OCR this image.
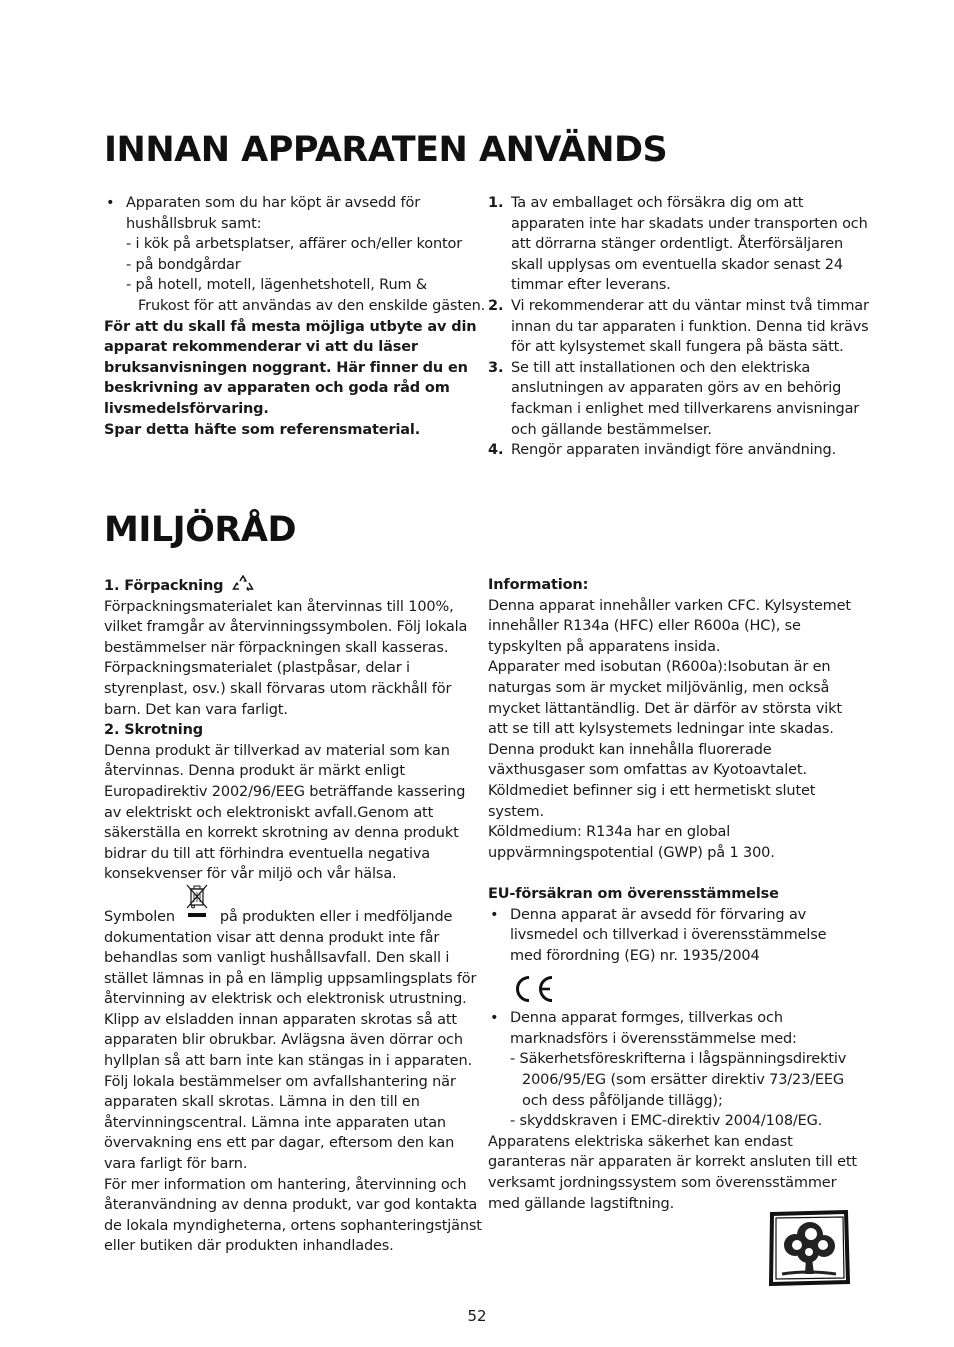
INNAN APPARATEN ANVÄNDS
• Apparaten som du har köpt är avsedd för
hushållsbruk samt:
- i kök på arbetsplatser, affärer och/eller kontor
- på bondgårdar
- på hotell, motell, lägenhetshotell, Rum &
Frukost för att användas av den enskilde gästen.
För att du skall få mesta möjliga utbyte av din
apparat rekommenderar vi att du läser
bruksanvisningen noggrant. Här finner du en
beskrivning av apparaten och goda råd om
livsmedelsförvaring.
Spar detta häfte som referensmaterial.
1. Ta av emballaget och försäkra dig om att
apparaten inte har skadats under transporten och
att dörrarna stänger ordentligt. Återförsäljaren
skall upplysas om eventuella skador senast 24
timmar efter leverans.
2. Vi rekommenderar att du väntar minst två timmar
innan du tar apparaten i funktion. Denna tid krävs
för att kylsystemet skall fungera på bästa sätt.
3. Se till att installationen och den elektriska
anslutningen av apparaten görs av en behörig
fackman i enlighet med tillverkarens anvisningar
och gällande bestämmelser.
4. Rengör apparaten invändigt före användning.
MILJÖRÅD
1. Förpackning
Förpackningsmaterialet kan återvinnas till 100%,
vilket framgår av återvinningssymbolen. Följ lokala
bestämmelser när förpackningen skall kasseras.
Förpackningsmaterialet (plastpåsar, delar i
styrenplast, osv.) skall förvaras utom räckhåll för
barn. Det kan vara farligt.
2. Skrotning
Denna produkt är tillverkad av material som kan
återvinnas. Denna produkt är märkt enligt
Europadirektiv 2002/96/EEG beträffande kassering
av elektriskt och elektroniskt avfall.Genom att
säkerställa en korrekt skrotning av denna produkt
bidrar du till att förhindra eventuella negativa
konsekvenser för vår miljö och vår hälsa.
Symbolen	på produkten eller i medföljande
dokumentation visar att denna produkt inte får
behandlas som vanligt hushållsavfall. Den skall i
stället lämnas in på en lämplig uppsamlingsplats för
återvinning av elektrisk och elektronisk utrustning.
Klipp av elsladden innan apparaten skrotas så att
apparaten blir obrukbar. Avlägsna även dörrar och
hyllplan så att barn inte kan stängas in i apparaten.
Följ lokala bestämmelser om avfallshantering när
apparaten skall skrotas. Lämna in den till en
återvinningscentral. Lämna inte apparaten utan
övervakning ens ett par dagar, eftersom den kan
vara farligt för barn.
För mer information om hantering, återvinning och
återanvändning av denna produkt, var god kontakta
de lokala myndigheterna, ortens sophanteringstjänst
eller butiken där produkten inhandlades.
Information:
Denna apparat innehåller varken CFC. Kylsystemet
innehåller R134a (HFC) eller R600a (HC), se
typskylten på apparatens insida.
Apparater med isobutan (R600a):Isobutan är en
naturgas som är mycket miljövänlig, men också
mycket lättantändlig. Det är därför av största vikt
att se till att kylsystemets ledningar inte skadas.
Denna produkt kan innehålla fluorerade
växthusgaser som omfattas av Kyotoavtalet.
Köldmediet befinner sig i ett hermetiskt slutet
system.
Köldmedium: R134a har en global
uppvärmningspotential (GWP) på 1 300.
EU-försäkran om överensstämmelse
• Denna apparat är avsedd för förvaring av
livsmedel och tillverkad i överensstämmelse
med förordning (EG) nr. 1935/2004
• Denna apparat formges, tillverkas och
marknadsförs i överensstämmelse med:
- Säkerhetsföreskrifterna i lågspänningsdirektiv
2006/95/EG (som ersätter direktiv 73/23/EEG
och dess påföljande tillägg);
- skyddskraven i EMC-direktiv 2004/108/EG.
Apparatens elektriska säkerhet kan endast
garanteras när apparaten är korrekt ansluten till ett
verksamt jordningssystem som överensstämmer
med gällande lagstiftning.
52
